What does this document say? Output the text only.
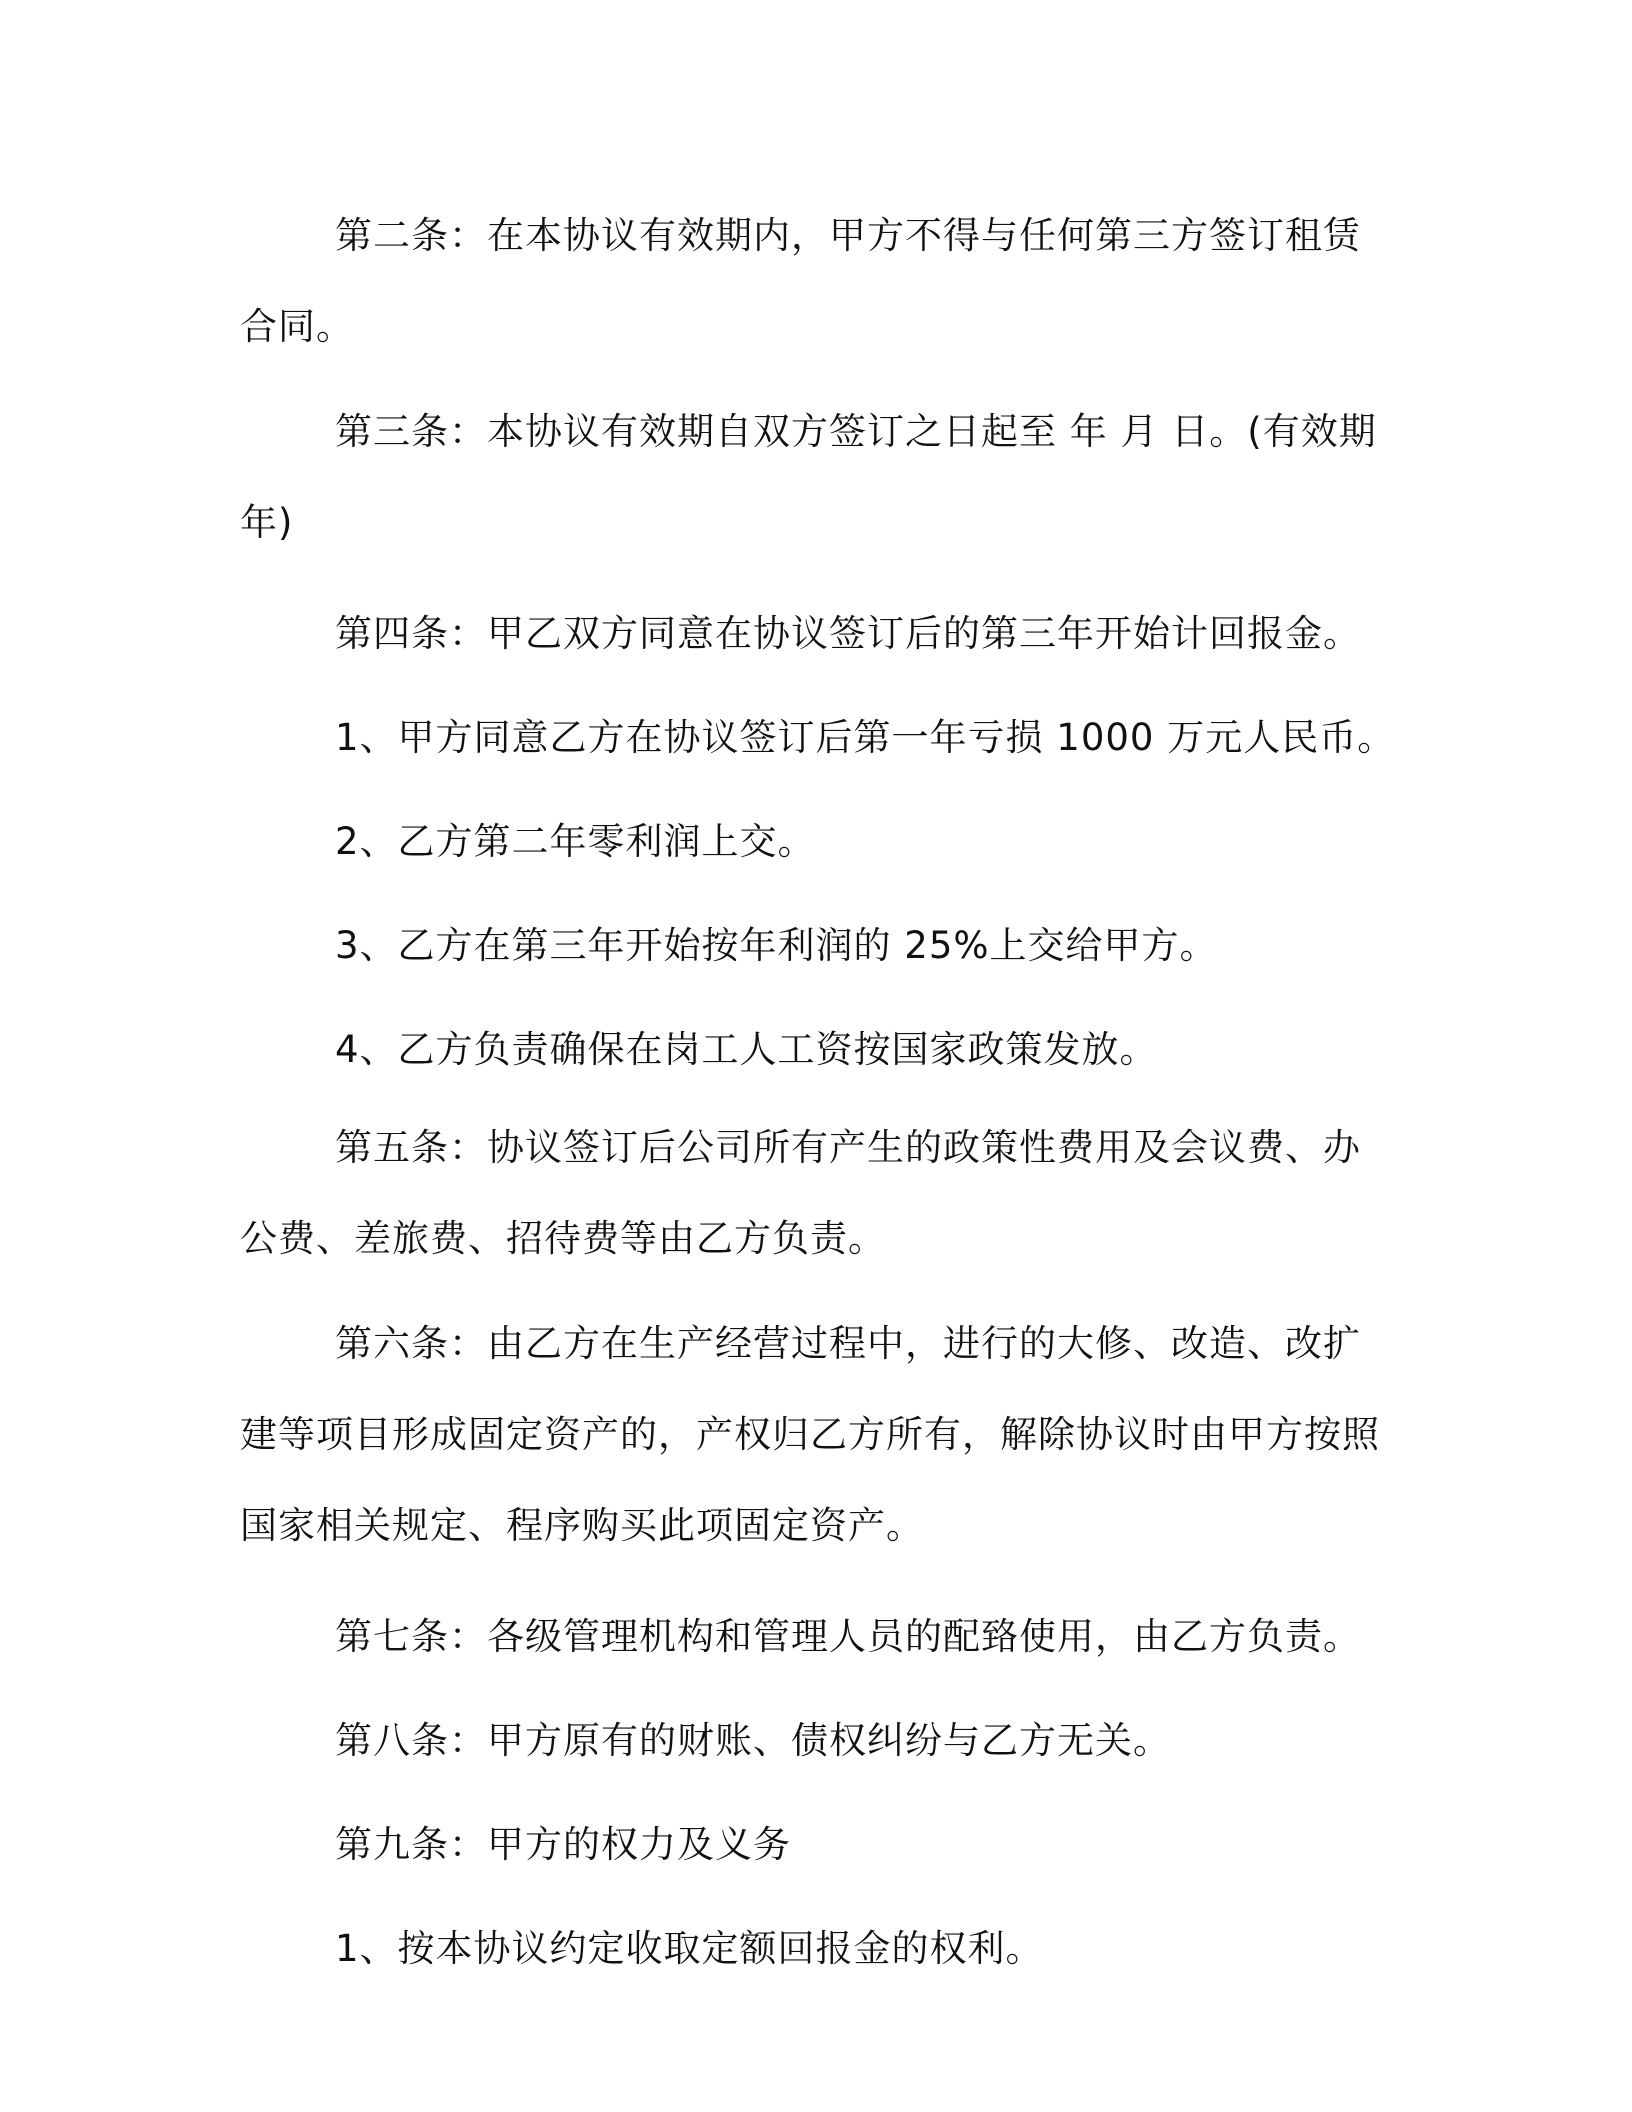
第二条：在本协议有效期内，甲方不得与任何第三方签订租赁合同。

第三条：本协议有效期自双方签订之日起至 年 月 日。(有效期 年)

第四条：甲乙双方同意在协议签订后的第三年开始计回报金。

1、甲方同意乙方在协议签订后第一年亏损 1000 万元人民币。

2、乙方第二年零利润上交。

3、乙方在第三年开始按年利润的 25%上交给甲方。

4、乙方负责确保在岗工人工资按国家政策发放。

第五条：协议签订后公司所有产生的政策性费用及会议费、办公费、差旅费、招待费等由乙方负责。

第六条：由乙方在生产经营过程中，进行的大修、改造、改扩建等项目形成固定资产的，产权归乙方所有，解除协议时由甲方按照国家相关规定、程序购买此项固定资产。

第七条：各级管理机构和管理人员的配臵使用，由乙方负责。

第八条：甲方原有的财账、债权纠纷与乙方无关。

第九条：甲方的权力及义务

1、按本协议约定收取定额回报金的权利。
